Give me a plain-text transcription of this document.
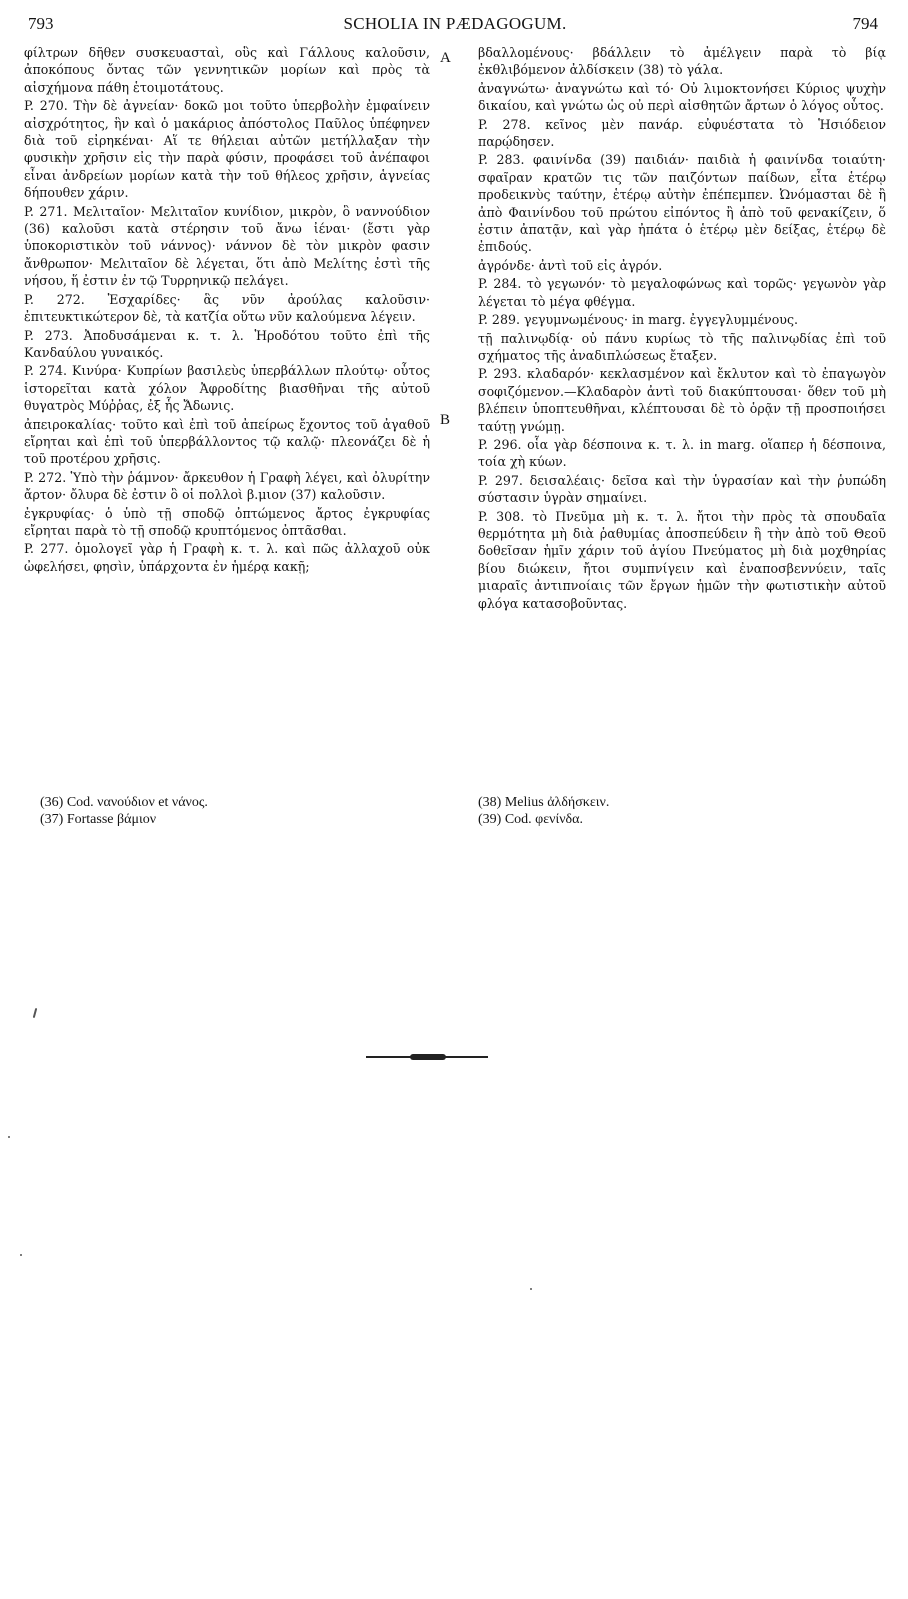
793	SCHOLIA IN PÆDAGOGUM.	794

φίλτρων δῆθεν συσκευασταὶ, οὓς καὶ Γάλλους καλοῦσιν, ἀποκόπους ὄντας τῶν γεννητικῶν μορίων καὶ πρὸς τὰ αἰσχήμονα πάθη ἑτοιμοτάτους.

P. 270. Τὴν δὲ ἀγνείαν· δοκῶ μοι τοῦτο ὑπερβολὴν ἐμφαίνειν αἰσχρότητος, ἣν καὶ ὁ μακάριος ἀπόστολος Παῦλος ὑπέφηνεν διὰ τοῦ εἰρηκέναι· Αἵ τε θήλειαι αὐτῶν μετήλλαξαν τὴν φυσικὴν χρῆσιν εἰς τὴν παρὰ φύσιν, προφάσει τοῦ ἀνέπαφοι εἶναι ἀνδρείων μορίων κατὰ τὴν τοῦ θήλεος χρῆσιν, ἁγνείας δήπουθεν χάριν.

P. 271. Μελιταῖον· Μελιταῖον κυνίδιον, μικρὸν, ὃ ναννούδιον (36) καλοῦσι κατὰ στέρησιν τοῦ ἄνω ἰέναι· (ἔστι γὰρ ὑποκοριστικὸν τοῦ νάννος)· νάννον δὲ τὸν μικρὸν φασιν ἄνθρωπον· Μελιταῖον δὲ λέγεται, ὅτι ἀπὸ Μελίτης ἐστὶ τῆς νήσου, ἥ ἐστιν ἐν τῷ Τυρρηνικῷ πελάγει.

P. 272. Ἐσχαρίδες· ἃς νῦν ἀρούλας καλοῦσιν· ἐπιτευκτικώτερον δὲ, τὰ κατζία οὕτω νῦν καλούμενα λέγειν.

P. 273. Ἀποδυσάμεναι κ. τ. λ. Ἡροδότου τοῦτο ἐπὶ τῆς Κανδαύλου γυναικός.

P. 274. Κινύρα· Κυπρίων βασιλεὺς ὑπερβάλλων πλούτῳ· οὗτος ἱστορεῖται κατὰ χόλον Ἀφροδίτης βιασθῆναι τῆς αὐτοῦ θυγατρὸς Μύῤῥας, ἐξ ἧς Ἄδωνις.

ἀπειροκαλίας· τοῦτο καὶ ἐπὶ τοῦ ἀπείρως ἔχοντος τοῦ ἀγαθοῦ εἴρηται καὶ ἐπὶ τοῦ ὑπερβάλλοντος τῷ καλῷ· πλεονάζει δὲ ἡ τοῦ προτέρου χρῆσις.

P. 272. Ὑπὸ τὴν ῥάμνον· ἄρκευθον ἡ Γραφὴ λέγει, καὶ ὀλυρίτην ἄρτον· ὄλυρα δὲ ἐστιν ὃ οἱ πολλοὶ β.μιον (37) καλοῦσιν.

ἐγκρυφίας· ὁ ὑπὸ τῇ σποδῷ ὀπτώμενος ἄρτος ἐγκρυφίας εἴρηται παρὰ τὸ τῇ σποδῷ κρυπτόμενος ὀπτᾶσθαι.

P. 277. ὁμολογεῖ γὰρ ἡ Γραφὴ κ. τ. λ. καὶ πῶς ἀλλαχοῦ οὐκ ὠφελήσει, φησὶν, ὑπάρχοντα ἐν ἡμέρᾳ κακῇ;

A
B

βδαλλομένους· βδάλλειν τὸ ἀμέλγειν παρὰ τὸ βίᾳ ἐκθλιβόμενον ἀλδίσκειν (38) τὸ γάλα.

ἀναγνώτω· ἀναγνώτω καὶ τό· Οὐ λιμοκτονήσει Κύριος ψυχὴν δικαίου, καὶ γνώτω ὡς οὐ περὶ αἰσθητῶν ἄρτων ὁ λόγος οὗτος.

P. 278. κεῖνος μὲν πανάρ. εὐφυέστατα τὸ Ἡσιόδειον παρῴδησεν.

P. 283. φαινίνδα (39) παιδιάν· παιδιὰ ἡ φαινίνδα τοιαύτη· σφαῖραν κρατῶν τις τῶν παιζόντων παίδων, εἶτα ἑτέρῳ προδεικνὺς ταύτην, ἑτέρῳ αὐτὴν ἐπέπεμπεν. Ὠνόμασται δὲ ἢ ἀπὸ Φαινίνδου τοῦ πρώτου εἰπόντος ἢ ἀπὸ τοῦ φενακίζειν, ὅ ἐστιν ἀπατᾷν, καὶ γὰρ ἠπάτα ὁ ἑτέρῳ μὲν δείξας, ἑτέρῳ δὲ ἐπιδούς.

ἀγρόνδε· ἀντὶ τοῦ εἰς ἀγρόν.

P. 284. τὸ γεγωνόν· τὸ μεγαλοφώνως καὶ τορῶς· γεγωνὸν γὰρ λέγεται τὸ μέγα φθέγμα.

P. 289. γεγυμνωμένους· in marg. ἐγγεγλυμμένους.

τῇ παλινῳδίᾳ· οὐ πάνυ κυρίως τὸ τῆς παλινῳδίας ἐπὶ τοῦ σχήματος τῆς ἀναδιπλώσεως ἔταξεν.

P. 293. κλαδαρόν· κεκλασμένον καὶ ἔκλυτον καὶ τὸ ἐπαγωγὸν σοφιζόμενον.—Κλαδαρὸν ἀντὶ τοῦ διακύπτουσαι· ὅθεν τοῦ μὴ βλέπειν ὑποπτευθῆναι, κλέπτουσαι δὲ τὸ ὁρᾷν τῇ προσποιήσει ταύτῃ γνώμῃ.

P. 296. οἷα γὰρ δέσποινα κ. τ. λ. in marg. οἵαπερ ἡ δέσποινα, τοία χὴ κύων.

P. 297. δεισαλέαις· δεῖσα καὶ τὴν ὑγρασίαν καὶ τὴν ῥυπώδη σύστασιν ὑγρὰν σημαίνει.

P. 308. τὸ Πνεῦμα μὴ κ. τ. λ. ἤτοι τὴν πρὸς τὰ σπουδαῖα θερμότητα μὴ διὰ ῥαθυμίας ἀποσπεύδειν ἢ τὴν ἀπὸ τοῦ Θεοῦ δοθεῖσαν ἡμῖν χάριν τοῦ ἁγίου Πνεύματος μὴ διὰ μοχθηρίας βίου διώκειν, ἤτοι συμπνίγειν καὶ ἐναποσβεννύειν, ταῖς μιαραῖς ἀντιπνοίαις τῶν ἔργων ἡμῶν τὴν φωτιστικὴν αὐτοῦ φλόγα κατασοβοῦντας.

(36) Cod. νανούδιον et νάνος.
(37) Fortasse βάμιον
(38) Melius ἀλδήσκειν.
(39) Cod. φενίνδα.
